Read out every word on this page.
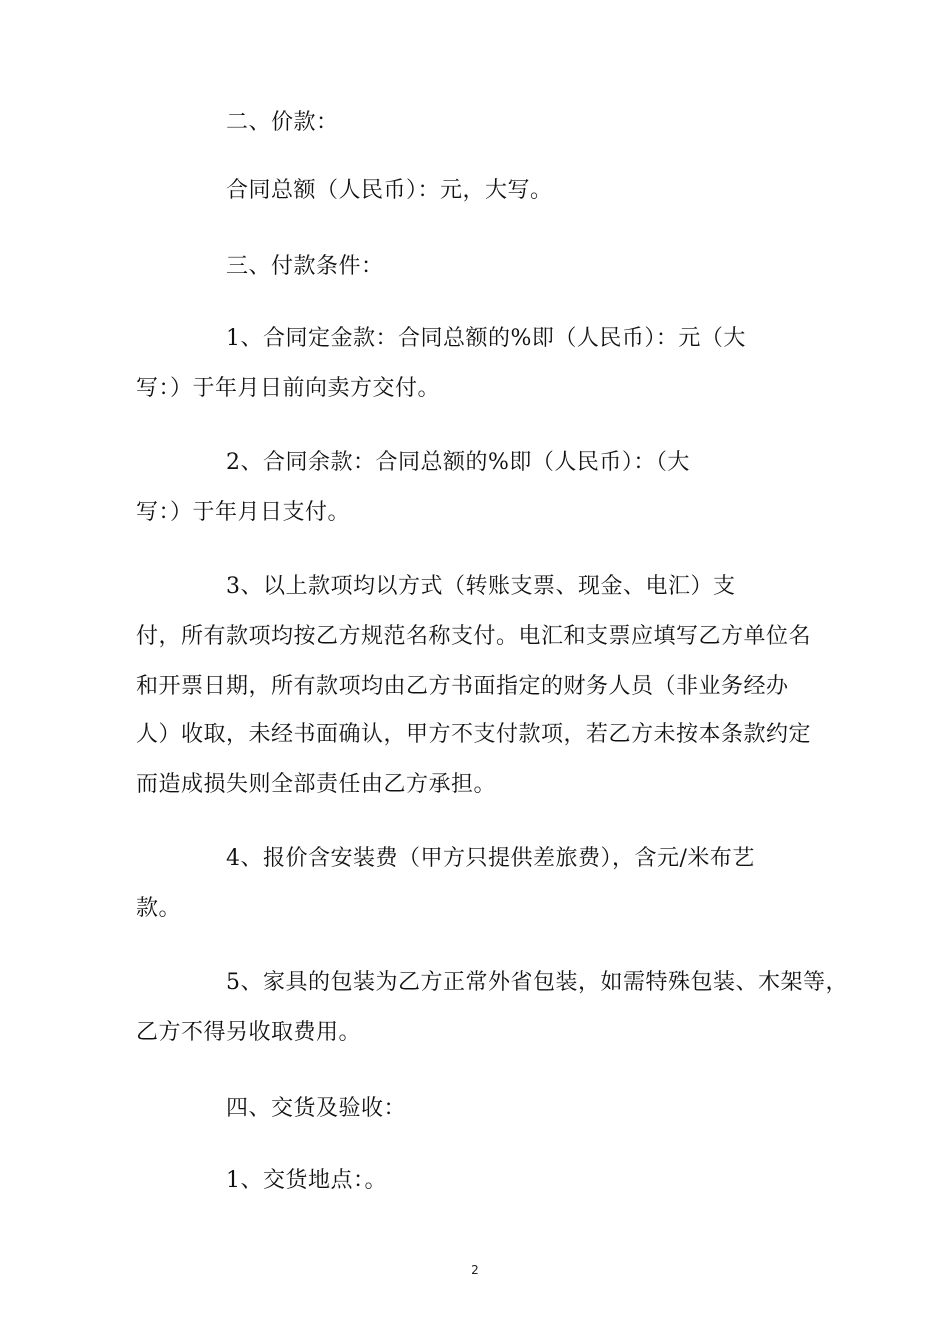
二、价款：
合同总额（人民币）：元，大写。
三、付款条件：
1、合同定金款：合同总额的%即（人民币）：元（大
写：）于年月日前向卖方交付。
2、合同余款：合同总额的%即（人民币）：（大
写：）于年月日支付。
3、以上款项均以方式（转账支票、现金、电汇）支
付，所有款项均按乙方规范名称支付。电汇和支票应填写乙方单位名
和开票日期，所有款项均由乙方书面指定的财务人员（非业务经办
人）收取，未经书面确认，甲方不支付款项，若乙方未按本条款约定
而造成损失则全部责任由乙方承担。
4、报价含安装费（甲方只提供差旅费），含元/米布艺
款。
5、家具的包装为乙方正常外省包装，如需特殊包装、木架等，
乙方不得另收取费用。
四、交货及验收：
1、交货地点：。
2
